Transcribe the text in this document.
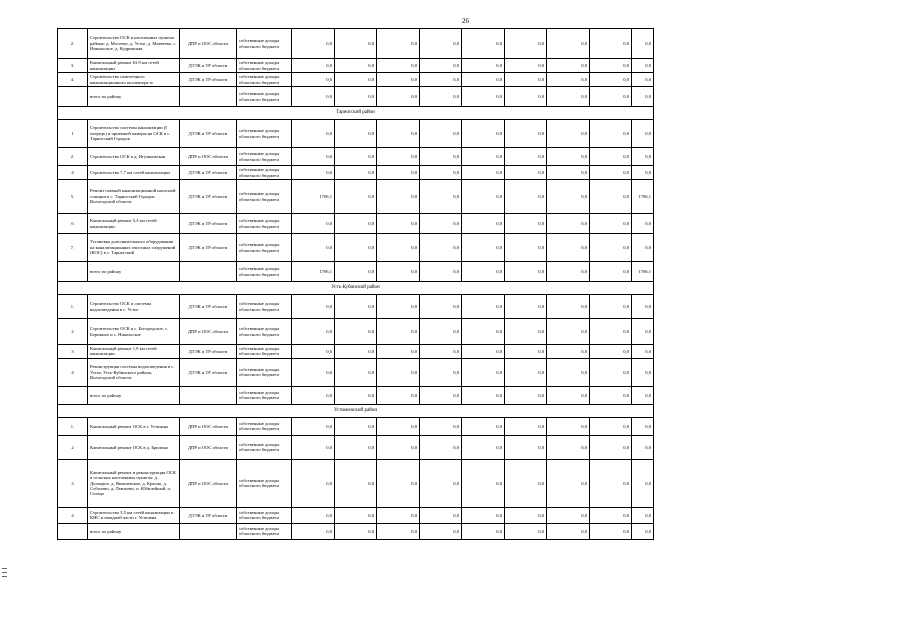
26
2.	Строительство ОСК в населенных пунктах района: д. Мосеево, д. Устье, д. Матвеево, с. Никольское, д. Кудринская	ДПР и ООС области	собственные доходы областного бюджета	0,0	0,0	0,0	0,0	0,0	0,0	0,0	0,0	0,0
3.	Капитальный ремонт 63,9 км сетей канализации	ДТЭК и ТР области	собственные доходы областного бюджета	0,0	0,0	0,0	0,0	0,0	0,0	0,0	0,0	0,0
4.	Строительство самотечного канализационного коллектора м	ДТЭК и ТР области	собственные доходы областного бюджета	0,0	0,0	0,0	0,0	0,0	0,0	0,0	0,0	0,0
	всего по району		собственные доходы областного бюджета	0,0	0,0	0,0	0,0	0,0	0,0	0,0	0,0	0,0
Тарногский район												
1	Строительство системы канализации (I очередь) и приемной камеры на ОСК в с. Тарногский Городок	ДТЭК и ТР области	собственные доходы областного бюджета	0,0	0,0	0,0	0,0	0,0	0,0	0,0	0,0	0,0
2.	Строительство ОСК в д. Игумнежская	ДПР и ООС области	собственные доходы областного бюджета	0,0	0,0	0,0	0,0	0,0	0,0	0,0	0,0	0,0
4	Строительство 7,7 км сетей канализации	ДТЭК и ТР области	собственные доходы областного бюджета	0,0	0,0	0,0	0,0	0,0	0,0	0,0	0,0	0,0
5.	Ремонт главной канализационной насосной станции в с. Тарногский Городок Вологодской области	ДТЭК и ТР области	собственные доходы областного бюджета	1706,1	0,0	0,0	0,0	0,0	0,0	0,0	0,0	1706,1
6	Капитальный ремонт 5,3 км сетей канализации	ДТЭК и ТР области	собственные доходы областного бюджета	0,0	0,0	0,0	0,0	0,0	0,0	0,0	0,0	0,0
7.	Установка дополнительного оборудования на канализационных очистных сооружений (КОС) в с. Тарногский	ДТЭК и ТР области	собственные доходы областного бюджета	0,0	0,0	0,0	0,0	0,0	0,0	0,0	0,0	0,0
	всего по району		собственные доходы областного бюджета	1706,1	0,0	0,0	0,0	0,0	0,0	0,0	0,0	1706,1
Усть-Кубинский район												
1.	Строительство ОСК и системы водоотведения в с. Устье	ДТЭК и ТР области	собственные доходы областного бюджета	0,0	0,0	0,0	0,0	0,0	0,0	0,0	0,0	0,0
2	Строительство ОСК в с. Богородское, с. Бережное и с. Никольское	ДПР и ООС области	собственные доходы областного бюджета	0,0	0,0	0,0	0,0	0,0	0,0	0,0	0,0	0,0
3	Капитальный ремонт 1,9 км сетей канализации	ДТЭК и ТР области	собственные доходы областного бюджета	0,0	0,0	0,0	0,0	0,0	0,0	0,0	0,0	0,0
4	Реконструкция системы водоотведения в с. Устье, Усть-Кубинского района, Вологодской области	ДТЭК и ТР области	собственные доходы областного бюджета	0,0	0,0	0,0	0,0	0,0	0,0	0,0	0,0	0,0
	всего по району		собственные доходы областного бюджета	0,0	0,0	0,0	0,0	0,0	0,0	0,0	0,0	0,0
Устюженский район												
1.	Капитальный ремонт ОСК в г. Устюжна	ДПР и ООС области	собственные доходы областного бюджета	0,0	0,0	0,0	0,0	0,0	0,0	0,0	0,0	0,0
2	Капитальный ремонт ОСК в д. Брилино	ДПР и ООС области	собственные доходы областного бюджета	0,0	0,0	0,0	0,0	0,0	0,0	0,0	0,0	0,0
3	Капитальный ремонт и реконструкция ОСК в сельских населенных пунктах: д. Долоцкое, д. Яковлевское, д. Красно, д. Соболево, д. Лентьево, п. Юбилейный, п. Сельцо	ДПР и ООС области	собственные доходы областного бюджета	0,0	0,0	0,0	0,0	0,0	0,0	0,0	0,0	0,0
4	Строительство 3,5 км сетей канализации и КНС в западной части г. Устюжна	ДТЭК и ТР области	собственные доходы областного бюджета	0,0	0,0	0,0	0,0	0,0	0,0	0,0	0,0	0,0
	всего по району		собственные доходы областного бюджета	0,0	0,0	0,0	0,0	0,0	0,0	0,0	0,0	0,0
